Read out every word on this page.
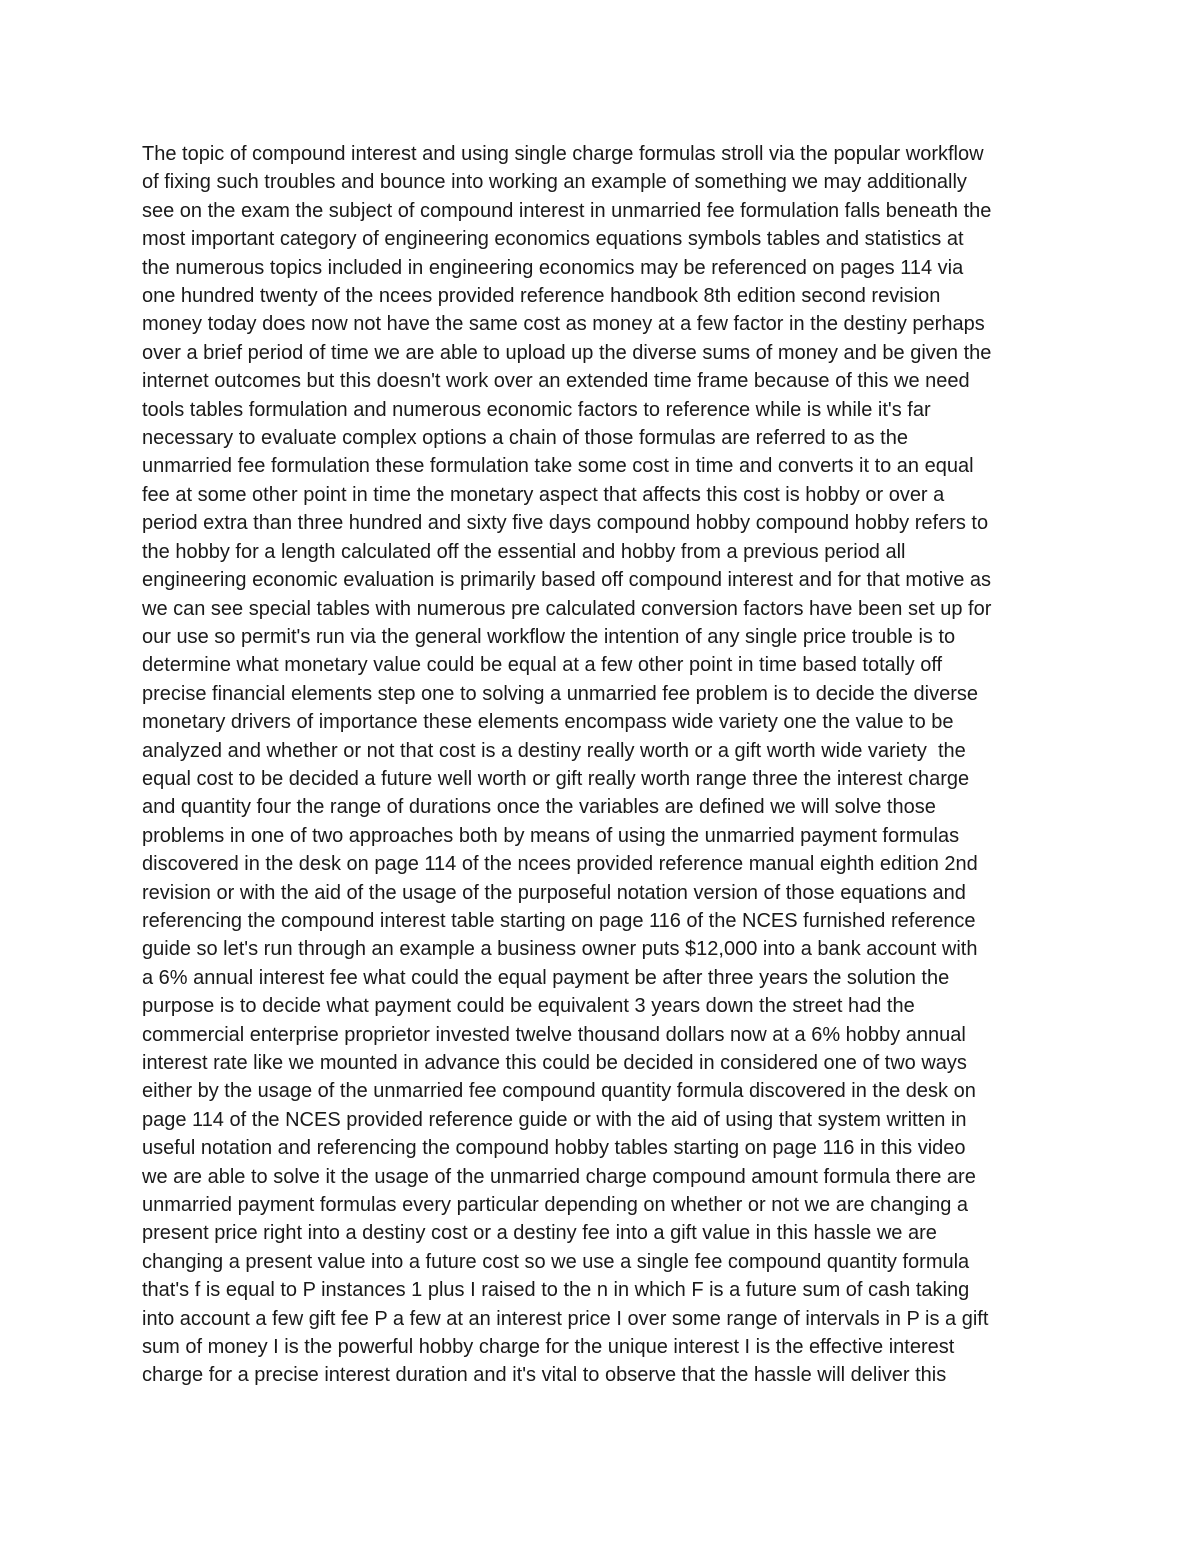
The topic of compound interest and using single charge formulas stroll via the popular workflow
of fixing such troubles and bounce into working an example of something we may additionally
see on the exam the subject of compound interest in unmarried fee formulation falls beneath the
most important category of engineering economics equations symbols tables and statistics at
the numerous topics included in engineering economics may be referenced on pages 114 via
one hundred twenty of the ncees provided reference handbook 8th edition second revision
money today does now not have the same cost as money at a few factor in the destiny perhaps
over a brief period of time we are able to upload up the diverse sums of money and be given the
internet outcomes but this doesn't work over an extended time frame because of this we need
tools tables formulation and numerous economic factors to reference while is while it's far
necessary to evaluate complex options a chain of those formulas are referred to as the
unmarried fee formulation these formulation take some cost in time and converts it to an equal
fee at some other point in time the monetary aspect that affects this cost is hobby or over a
period extra than three hundred and sixty five days compound hobby compound hobby refers to
the hobby for a length calculated off the essential and hobby from a previous period all
engineering economic evaluation is primarily based off compound interest and for that motive as
we can see special tables with numerous pre calculated conversion factors have been set up for
our use so permit's run via the general workflow the intention of any single price trouble is to
determine what monetary value could be equal at a few other point in time based totally off
precise financial elements step one to solving a unmarried fee problem is to decide the diverse
monetary drivers of importance these elements encompass wide variety one the value to be
analyzed and whether or not that cost is a destiny really worth or a gift worth wide variety  the
equal cost to be decided a future well worth or gift really worth range three the interest charge
and quantity four the range of durations once the variables are defined we will solve those
problems in one of two approaches both by means of using the unmarried payment formulas
discovered in the desk on page 114 of the ncees provided reference manual eighth edition 2nd
revision or with the aid of the usage of the purposeful notation version of those equations and
referencing the compound interest table starting on page 116 of the NCES furnished reference
guide so let's run through an example a business owner puts $12,000 into a bank account with
a 6% annual interest fee what could the equal payment be after three years the solution the
purpose is to decide what payment could be equivalent 3 years down the street had the
commercial enterprise proprietor invested twelve thousand dollars now at a 6% hobby annual
interest rate like we mounted in advance this could be decided in considered one of two ways
either by the usage of the unmarried fee compound quantity formula discovered in the desk on
page 114 of the NCES provided reference guide or with the aid of using that system written in
useful notation and referencing the compound hobby tables starting on page 116 in this video
we are able to solve it the usage of the unmarried charge compound amount formula there are
unmarried payment formulas every particular depending on whether or not we are changing a
present price right into a destiny cost or a destiny fee into a gift value in this hassle we are
changing a present value into a future cost so we use a single fee compound quantity formula
that's f is equal to P instances 1 plus I raised to the n in which F is a future sum of cash taking
into account a few gift fee P a few at an interest price I over some range of intervals in P is a gift
sum of money I is the powerful hobby charge for the unique interest I is the effective interest
charge for a precise interest duration and it's vital to observe that the hassle will deliver this
